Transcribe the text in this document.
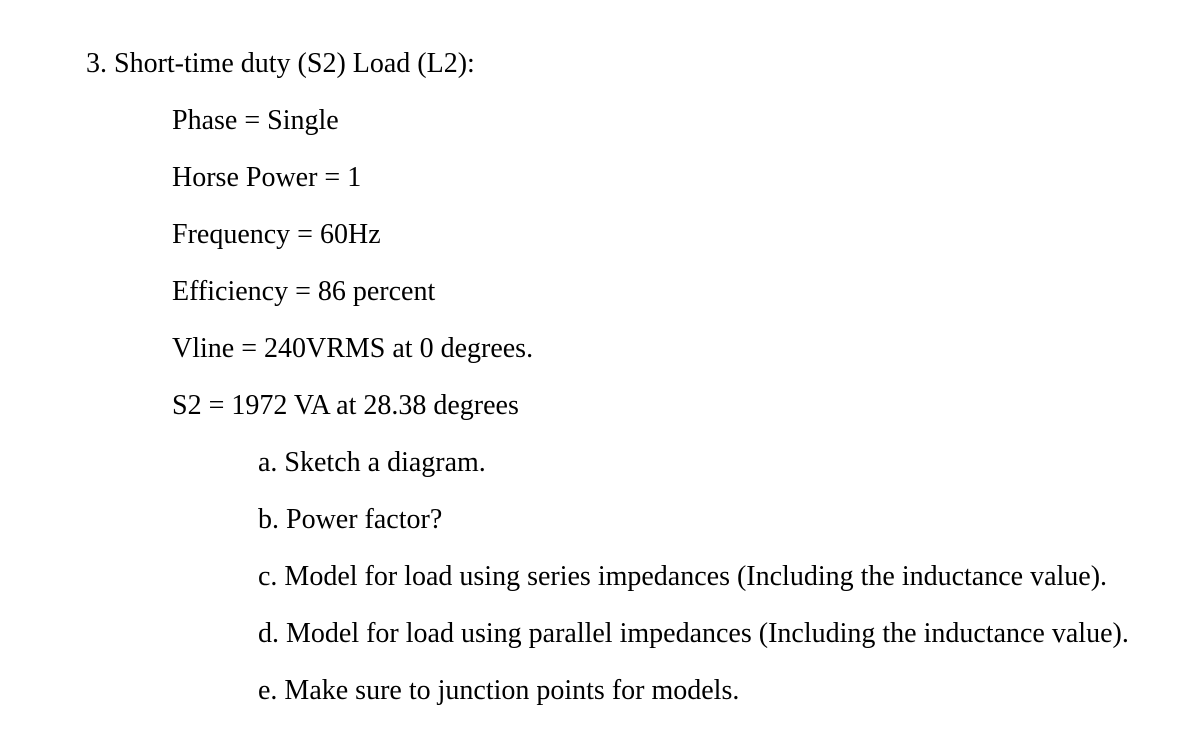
3. Short-time duty (S2) Load (L2):
Phase = Single
Horse Power = 1
Frequency = 60Hz
Efficiency = 86 percent
Vline = 240VRMS at 0 degrees.
S2 = 1972 VA at 28.38 degrees
a. Sketch a diagram.
b. Power factor?
c. Model for load using series impedances (Including the inductance value).
d. Model for load using parallel impedances (Including the inductance value).
e. Make sure to junction points for models.
